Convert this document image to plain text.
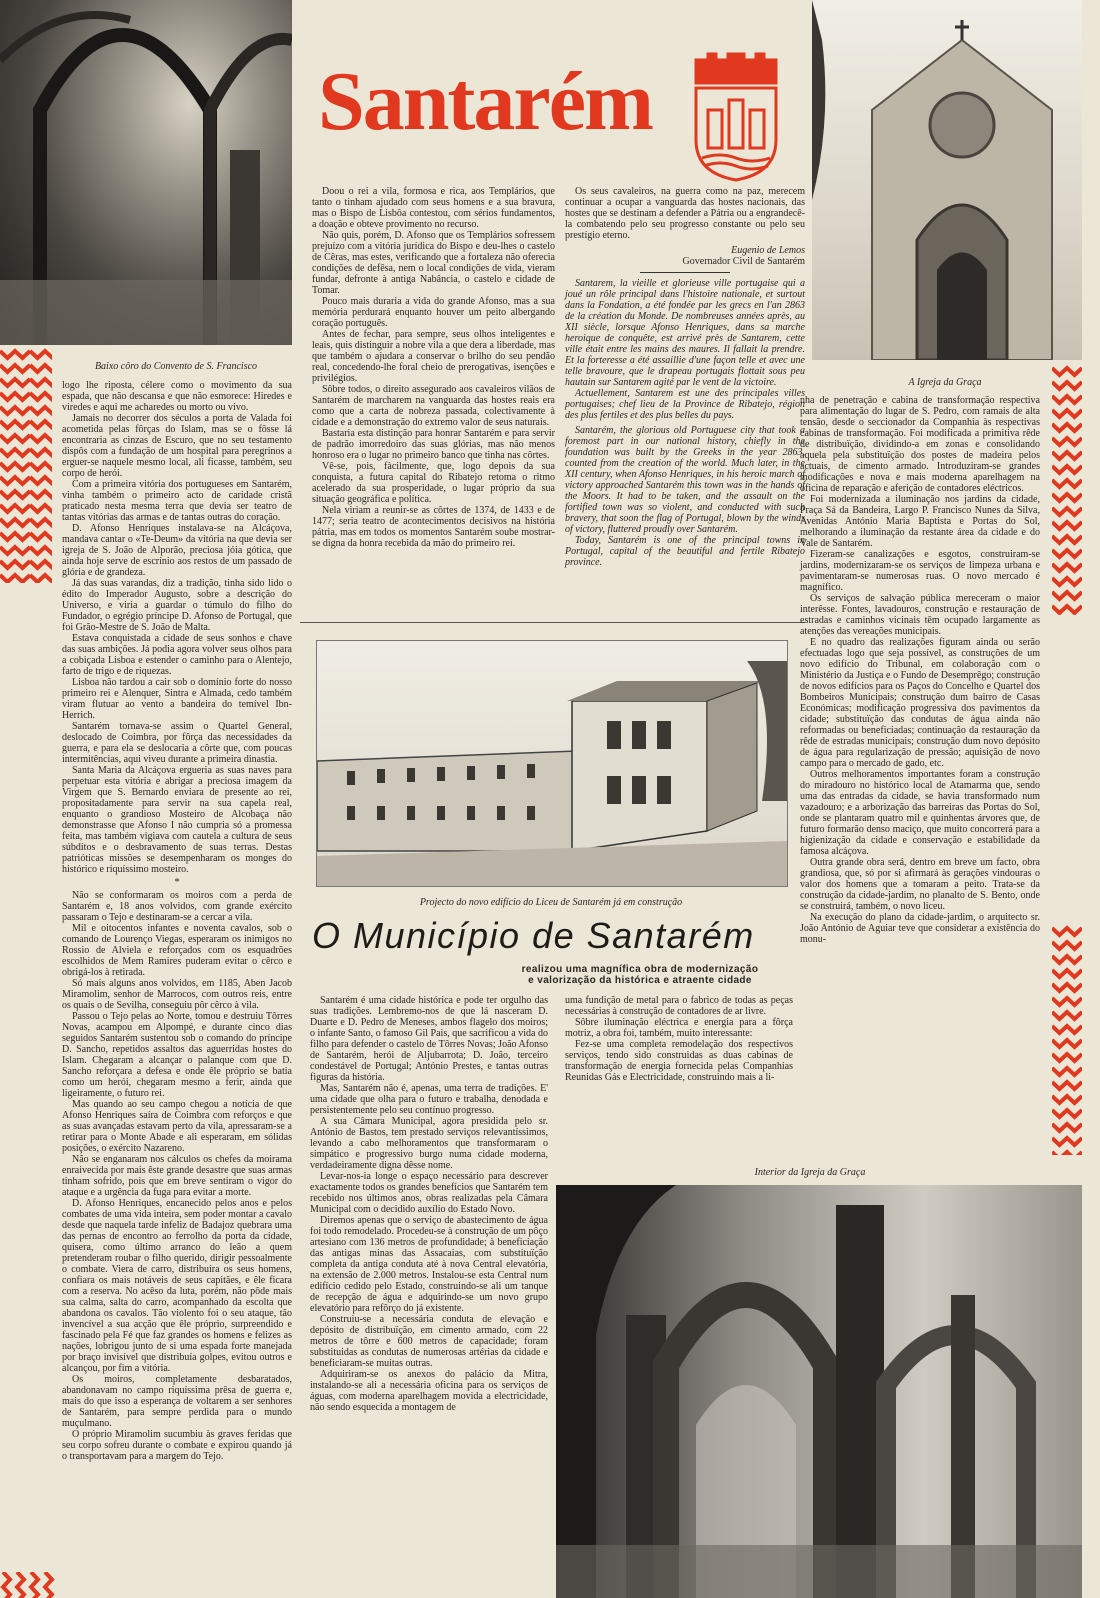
Baixo côro do Convento de S. Francisco
Santarém
A Igreja da Graça

logo lhe riposta, célere como o movimento da sua espada, que não descansa e que não esmorece: Hiredes e viredes e aqui me acharedes ou morto ou vivo.

Jamais no decorrer dos séculos a porta de Valada foi acometida pelas fôrças do Islam, mas se o fôsse lá encontraria as cinzas de Escuro, que no seu testamento dispôs com a fundação de um hospital para peregrinos a erguer-se naquele mesmo local, ali ficasse, também, seu corpo de herói.

Com a primeira vitória dos portugueses em Santarém, vinha também o primeiro acto de caridade cristã praticado nesta mesma terra que devia ser teatro de tantas vitórias das armas e de tantas outras do coração.

D. Afonso Henriques instalava-se na Alcáçova, mandava cantar o «Te-Deum» da vitória na que devia ser igreja de S. João de Alporão, preciosa jóia gótica, que ainda hoje serve de escrínio aos restos de um passado de glória e de grandeza.

Já das suas varandas, diz a tradição, tinha sido lido o édito do Imperador Augusto, sobre a descrição do Universo, e viria a guardar o túmulo do filho do Fundador, o egrégio príncipe D. Afonso de Portugal, que foi Grão-Mestre de S. João de Malta.

Estava conquistada a cidade de seus sonhos e chave das suas ambições. Já podia agora volver seus olhos para a cobiçada Lisboa e estender o caminho para o Alentejo, farto de trigo e de riquezas.

Lisboa não tardou a cair sob o domínio forte do nosso primeiro rei e Alenquer, Sintra e Almada, cedo também viram flutuar ao vento a bandeira do temível Ibn-Herrich.

Santarém tornava-se assim o Quartel General, deslocado de Coimbra, por fôrça das necessidades da guerra, e para ela se deslocaria a côrte que, com poucas intermitências, aqui viveu durante a primeira dinastia.

Santa Maria da Alcáçova ergueria as suas naves para perpetuar esta vitória e abrigar a preciosa imagem da Virgem que S. Bernardo enviara de presente ao rei, propositadamente para servir na sua capela real, enquanto o grandioso Mosteiro de Alcobaça não demonstrasse que Afonso I não cumpria só a promessa feita, mas também vigiava com cautela a cultura de seus súbditos e o desbravamento de suas terras. Destas patrióticas missões se desempenharam os monges do histórico e riquíssimo mosteiro.

*

Não se conformaram os moiros com a perda de Santarém e, 18 anos volvidos, com grande exército passaram o Tejo e destinaram-se a cercar a vila.

Mil e oitocentos infantes e noventa cavalos, sob o comando de Lourenço Viegas, esperaram os inimigos no Rossio de Alviela e reforçados com os esquadrões escolhidos de Mem Ramires puderam evitar o cêrco e obrigá-los à retirada.

Só mais alguns anos volvidos, em 1185, Aben Jacob Miramolim, senhor de Marrocos, com outros reis, entre os quais o de Sevilha, conseguiu pôr cêrco à vila.

Passou o Tejo pelas ao Norte, tomou e destruiu Tôrres Novas, acampou em Alpompé, e durante cinco dias seguidos Santarém sustentou sob o comando do príncipe D. Sancho, repetidos assaltos das aguerridas hostes do Islam. Chegaram a alcançar o palanque com que D. Sancho reforçara a defesa e onde êle próprio se batia como um herói, chegaram mesmo a ferir, ainda que ligeiramente, o futuro rei.

Mas quando ao seu campo chegou a notícia de que Afonso Henriques saíra de Coimbra com reforços e que as suas avançadas estavam perto da vila, apressaram-se a retirar para o Monte Abade e ali esperaram, em sólidas posições, o exército Nazareno.

Não se enganaram nos cálculos os chefes da moirama enraivecida por mais êste grande desastre que suas armas tinham sofrido, pois que em breve sentiram o vigor do ataque e a urgência da fuga para evitar a morte.

D. Afonso Henriques, encanecido pelos anos e pelos combates de uma vida inteira, sem poder montar a cavalo desde que naquela tarde infeliz de Badajoz quebrara uma das pernas de encontro ao ferrolho da porta da cidade, quisera, como último arranco do leão a quem pretenderam roubar o filho querido, dirigir pessoalmente o combate. Viera de carro, distribuíra os seus homens, confiara os mais notáveis de seus capitães, e êle ficara com a reserva. No acêso da luta, porém, não pôde mais sua calma, salta do carro, acompanhado da escolta que abandona os cavalos. Tão violento foi o seu ataque, tão invencível a sua acção que êle próprio, surpreendido e fascinado pela Fé que faz grandes os homens e felizes as nações, lobrigou junto de si uma espada forte manejada por braço invisível que distribuía golpes, evitou outros e alcançou, por fim a vitória.

Os moiros, completamente desbaratados, abandonavam no campo riquíssima prêsa de guerra e, mais do que isso a esperança de voltarem a ser senhores de Santarém, para sempre perdida para o mundo muçulmano.

O próprio Miramolim sucumbiu às graves feridas que seu corpo sofreu durante o combate e expirou quando já o transportavam para a margem do Tejo.

Doou o rei a vila, formosa e rica, aos Templários, que tanto o tinham ajudado com seus homens e a sua bravura, mas o Bispo de Lisbôa contestou, com sérios fundamentos, a doação e obteve provimento no recurso.

Não quis, porém, D. Afonso que os Templários sofressem prejuízo com a vitória jurídica do Bispo e deu-lhes o castelo de Cêras, mas estes, verificando que a fortaleza não oferecia condições de defêsa, nem o local condições de vida, vieram fundar, defronte à antiga Nabância, o castelo e cidade de Tomar.

Pouco mais duraria a vida do grande Afonso, mas a sua memória perdurará enquanto houver um peito albergando coração português.

Antes de fechar, para sempre, seus olhos inteligentes e leais, quis distinguir a nobre vila a que dera a liberdade, mas que também o ajudara a conservar o brilho do seu pendão real, concedendo-lhe foral cheio de prerogativas, isenções e privilégios.

Sôbre todos, o direito assegurado aos cavaleiros vilãos de Santarém de marcharem na vanguarda das hostes reais era como que a carta de nobreza passada, colectivamente à cidade e a demonstração do extremo valor de seus naturais.

Bastaria esta distinção para honrar Santarém e para servir de padrão imorredoiro das suas glórias, mas não menos honroso era o lugar no primeiro banco que tinha nas côrtes.

Vê-se, pois, fàcilmente, que, logo depois da sua conquista, a futura capital do Ribatejo retoma o ritmo acelerado da sua prosperidade, o lugar próprio da sua situação geográfica e política.

Nela viriam a reunir-se as côrtes de 1374, de 1433 e de 1477; seria teatro de acontecimentos decisivos na história pátria, mas em todos os momentos Santarém soube mostrar-se digna da honra recebida da mão do primeiro rei.

Os seus cavaleiros, na guerra como na paz, merecem continuar a ocupar a vanguarda das hostes nacionais, das hostes que se destinam a defender a Pátria ou a engrandecê-la combatendo pelo seu progresso constante ou pelo seu prestígio eterno.

Eugenio de Lemos

Governador Civil de Santarém

Santarem, la vieille et glorieuse ville portugaise qui a joué un rôle principal dans l'histoire nationale, et surtout dans la Fondation, a été fondée par les grecs en l'an 2863 de la création du Monde. De nombreuses années après, au XII siècle, lorsque Afonso Henriques, dans sa marche heroique de conquête, est arrivé près de Santarem, cette ville était entre les mains des maures. Il fallait la prendre. Et la forteresse a été assaillie d'une façon telle et avec une telle bravoure, que le drapeau portugais flottait sous peu hautain sur Santarem agité par le vent de la victoire.

Actuellement, Santarem est une des principales villes portugaises; chef lieu de la Province de Ribatejo, région des plus fertiles et des plus belles du pays.

Santarém, the glorious old Portuguese city that took a foremost part in our national history, chiefly in the foundation was built by the Greeks in the year 2863, counted from the creation of the world. Much later, in the XII century, when Afonso Henriques, in his heroic march of victory approached Santarém this town was in the hands of the Moors. It had to be taken, and the assault on the fortified town was so violent, and conducted with such bravery, that soon the flag of Portugal, blown by the winds of victory, fluttered proudly over Santarém.

Today, Santarém is one of the principal towns in Portugal, capital of the beautiful and fertile Ribatejo province.

Projecto do novo edifício do Liceu de Santarém já em construção
O Município de Santarém
realizou uma magnífica obra de modernização
e valorização da histórica e atraente cidade

Santarém é uma cidade histórica e pode ter orgulho das suas tradições. Lembremo-nos de que lá nasceram D. Duarte e D. Pedro de Meneses, ambos flagelo dos moiros; o infante Santo, o famoso Gil Pais, que sacrificou a vida do filho para defender o castelo de Tôrres Novas; João Afonso de Santarém, herói de Aljubarrota; D. João, terceiro condestável de Portugal; António Prestes, e tantas outras figuras da história.

Mas, Santarém não é, apenas, uma terra de tradições. E' uma cidade que olha para o futuro e trabalha, denodada e persistentemente pelo seu contínuo progresso.

A sua Câmara Municipal, agora presidida pelo sr. António de Bastos, tem prestado serviços relevantíssimos, levando a cabo melhoramentos que transformaram o simpático e progressivo burgo numa cidade moderna, verdadeiramente digna dêsse nome.

Levar-nos-ia longe o espaço necessário para descrever exactamente todos os grandes benefícios que Santarém tem recebido nos últimos anos, obras realizadas pela Câmara Municipal com o decidido auxílio do Estado Novo.

Diremos apenas que o serviço de abastecimento de água foi todo remodelado. Procedeu-se à construção de um pôço artesiano com 136 metros de profundidade; à beneficiação das antigas minas das Assacaias, com substituïção completa da antiga conduta até à nova Central elevatória, na extensão de 2.000 metros. Instalou-se esta Central num edifício cedido pelo Estado, construindo-se ali um tanque de recepção de água e adquirindo-se um novo grupo elevatório para refôrço do já existente.

Construiu-se a necessária conduta de elevação e depósito de distribuïção, em cimento armado, com 22 metros de tôrre e 600 metros de capacidade; foram substituidas as condutas de numerosas artérias da cidade e beneficiaram-se muitas outras.

Adquiriram-se os anexos do palácio da Mitra, instalando-se ali a necessária oficina para os serviços de águas, com moderna aparelhagem movida a electricidade, não sendo esquecida a montagem de

uma fundição de metal para o fabrico de todas as peças necessárias à construção de contadores de ar livre.

Sôbre iluminação eléctrica e energia para a fôrça motriz, a obra foi, também, muito interessante:

Fez-se uma completa remodelação dos respectivos serviços, tendo sido construidas as duas cabinas de transformação de energia fornecida pelas Companhias Reunidas Gás e Electricidade, construindo mais a li-

nha de penetração e cabina de transformação respectiva para alimentação do lugar de S. Pedro, com ramais de alta tensão, desde o seccionador da Companhia às respectivas cabinas de transformação. Foi modificada a primitiva rêde de distribuïção, dividindo-a em zonas e consolidando aquela pela substituïção dos postes de madeira pelos actuais, de cimento armado. Introduziram-se grandes modificações e nova e mais moderna aparelhagem na oficina de reparação e aferição de contadores eléctricos.

Foi modernizada a iluminação nos jardins da cidade, Praça Sá da Bandeira, Largo P. Francisco Nunes da Silva, Avenidas António Maria Baptista e Portas do Sol, melhorando a iluminação da restante área da cidade e do Vale de Santarém.

Fizeram-se canalizações e esgotos, construiram-se jardins, modernizaram-se os serviços de limpeza urbana e pavimentaram-se numerosas ruas. O novo mercado é magnífico.

Os serviços de salvação pública mereceram o maior interêsse. Fontes, lavadouros, construção e restauração de estradas e caminhos vicinais têm ocupado largamente as atenções das vereações municipais.

E no quadro das realizações figuram ainda ou serão efectuadas logo que seja possível, as construções de um novo edifício do Tribunal, em colaboração com o Ministério da Justiça e o Fundo de Desemprêgo; construção de novos edifícios para os Paços do Concelho e Quartel dos Bombeiros Municipais; construção dum bairro de Casas Económicas; modificação progressiva dos pavimentos da cidade; substituïção das condutas de água ainda não reformadas ou beneficiadas; continuação da restauração da rêde de estradas municipais; construção dum novo depósito de água para regularização de pressão; aquisição de novo campo para o mercado de gado, etc.

Outros melhoramentos importantes foram a construção do miradouro no histórico local de Atamarma que, sendo uma das entradas da cidade, se havia transformado num vazadouro; e a arborização das barreiras das Portas do Sol, onde se plantaram quatro mil e quinhentas árvores que, de futuro formarão denso maciço, que muito concorrerá para a higienização da cidade e conservação e estabilidade da famosa alcáçova.

Outra grande obra será, dentro em breve um facto, obra grandiosa, que, só por si afirmará às gerações vindouras o valor dos homens que a tomaram a peito. Trata-se da construção da cidade-jardim, no planalto de S. Bento, onde se construirá, também, o novo liceu.

Na execução do plano da cidade-jardim, o arquitecto sr. João António de Aguiar teve que considerar a existência do monu-

Interior da Igreja da Graça
